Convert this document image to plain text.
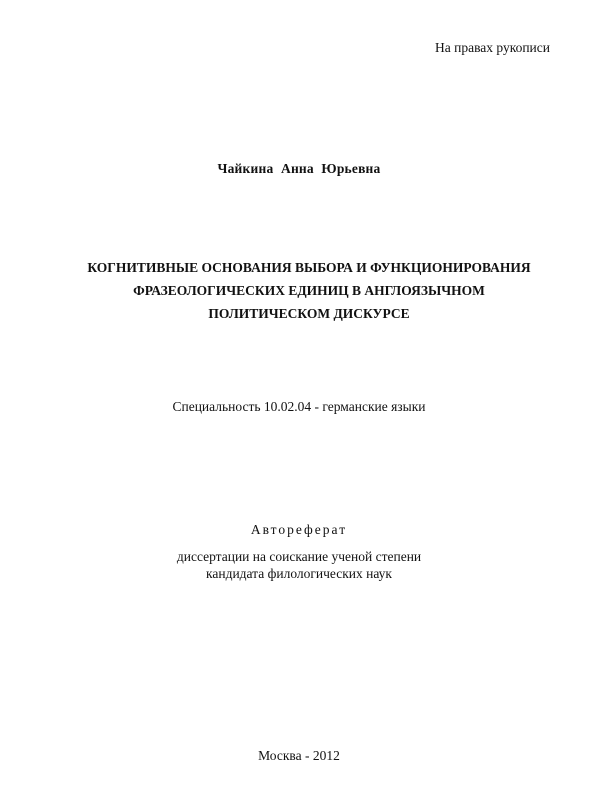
На правах рукописи
Чайкина Анна Юрьевна
КОГНИТИВНЫЕ ОСНОВАНИЯ ВЫБОРА И ФУНКЦИОНИРОВАНИЯ
ФРАЗЕОЛОГИЧЕСКИХ ЕДИНИЦ В АНГЛОЯЗЫЧНОМ
ПОЛИТИЧЕСКОМ ДИСКУРСЕ
Специальность 10.02.04 - германские языки
Автореферат
диссертации на соискание ученой степени
кандидата филологических наук
Москва - 2012
